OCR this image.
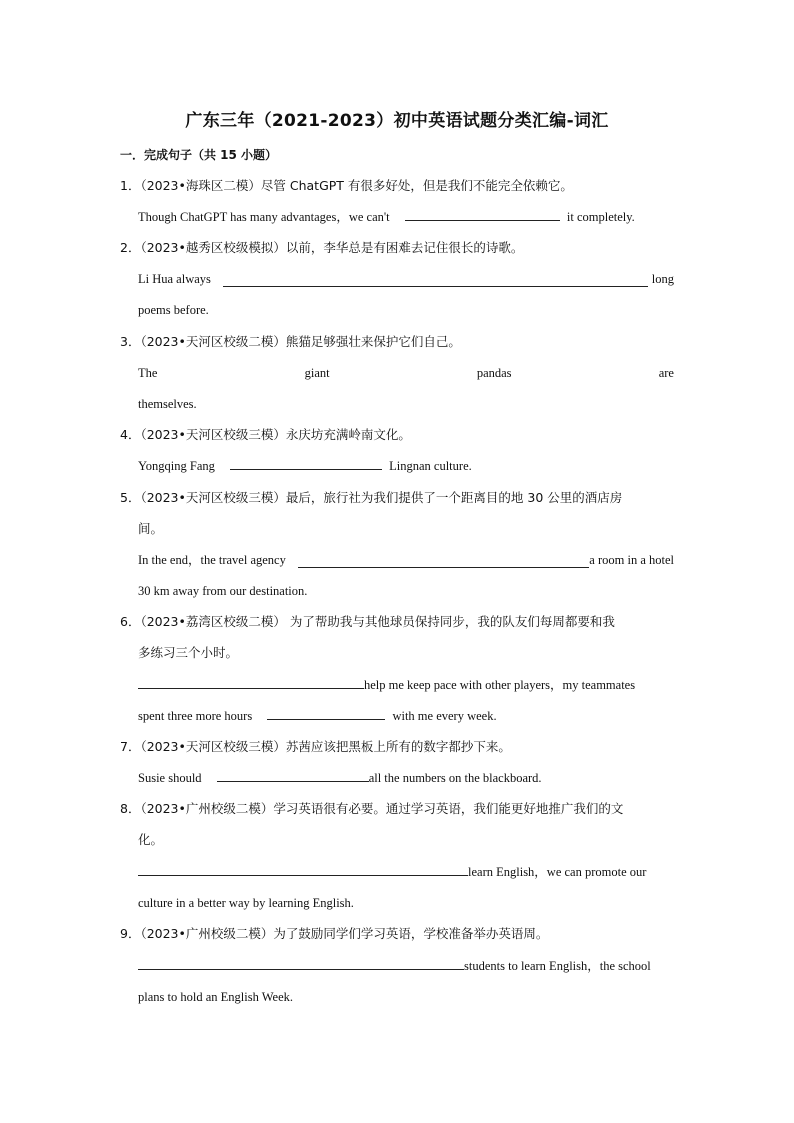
广东三年（2021-2023）初中英语试题分类汇编-词汇
一．完成句子（共 15 小题）
1．（2023•海珠区二模）尽管 ChatGPT 有很多好处，但是我们不能完全依赖它。
Though ChatGPT has many advantages，we can't	it completely.
2．（2023•越秀区校级模拟）以前，李华总是有困难去记住很长的诗歌。
Li Hua always	long
poems before.
3．（2023•天河区校级二模）熊猫足够强壮来保护它们自己。
The	giant	pandas	are
themselves.
4．（2023•天河区校级三模）永庆坊充满岭南文化。
Yongqing Fang	Lingnan culture.
5．（2023•天河区校级三模）最后，旅行社为我们提供了一个距离目的地 30 公里的酒店房
间。
In the end，the travel agency	a room in a hotel
30 km away from our destination.
6．（2023•荔湾区校级二模） 为了帮助我与其他球员保持同步，我的队友们每周都要和我
多练习三个小时。
help me keep pace with other players，my teammates
spent three more hours	with me every week.
7．（2023•天河区校级三模）苏茜应该把黑板上所有的数字都抄下来。
Susie should	all the numbers on the blackboard.
8．（2023•广州校级二模）学习英语很有必要。通过学习英语，我们能更好地推广我们的文
化。
learn English，we can promote our
culture in a better way by learning English.
9．（2023•广州校级二模）为了鼓励同学们学习英语，学校准备举办英语周。
students to learn English，the school
plans to hold an English Week.
